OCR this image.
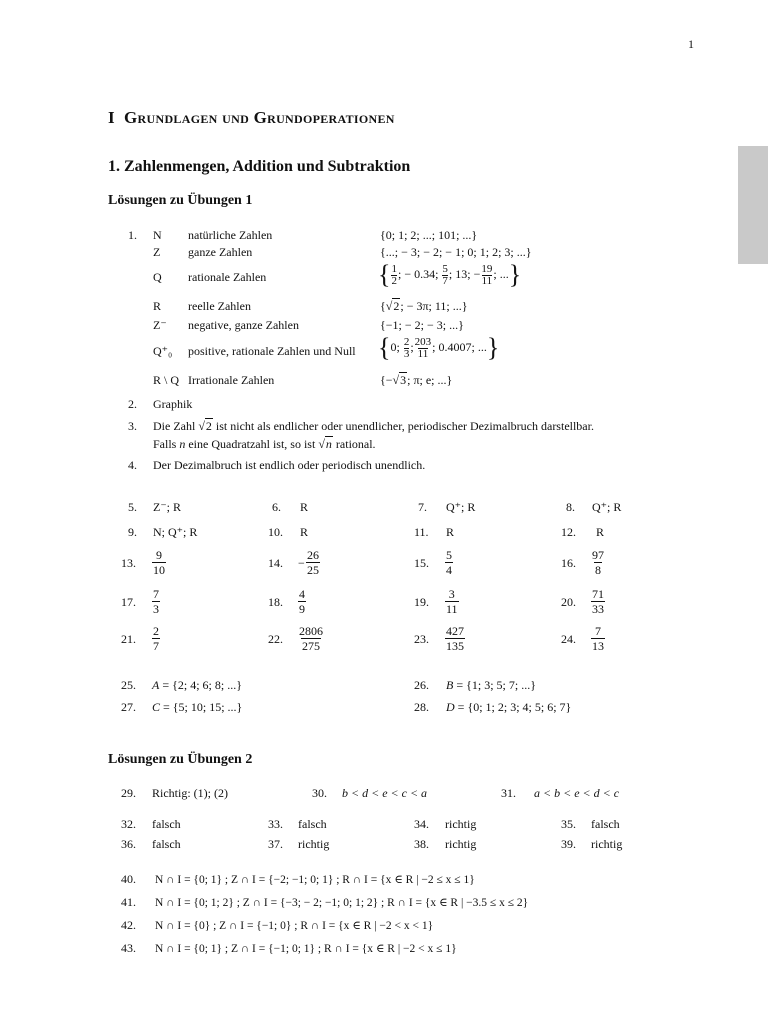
1
I Grundlagen und Grundoperationen
1. Zahlenmengen, Addition und Subtraktion
Lösungen zu Übungen 1
1. N natürliche Zahlen	{0; 1; 2; ...; 101; ...}
Z ganze Zahlen	{...; − 3; − 2; − 1; 0; 1; 2; 3; ...}
Q rationale Zahlen	{ $\frac{1}{2}$ ; − 0.34; $\frac{5}{7}$ ; 13; − $\frac{19}{11}$ ; ...}
R reelle Zahlen	{√2; − 3π; 11; ...}
Z⁻ negative, ganze Zahlen	{−1; − 2; − 3; ...}
Q⁺₀ positive, rationale Zahlen und Null {0; $\frac{2}{3}$ ; $\frac{203}{11}$ ; 0.4007; ...}
R \ Q Irrationale Zahlen	{−√3; π; e; ...}
2. Graphik
3. Die Zahl √2 ist nicht als endlicher oder unendlicher, periodischer Dezimalbruch darstellbar.
Falls n eine Quadratzahl ist, so ist √n rational.
4. Der Dezimalbruch ist endlich oder periodisch unendlich.
5. Z⁻; R	6. R	7. Q⁺; R	8. Q⁺; R
9. N; Q⁺; R	10. R	11. R	12. R
13. $\frac{9}{10}$	14. − $\frac{26}{25}$	15. $\frac{5}{4}$	16. $\frac{97}{8}$
17. $\frac{7}{3}$	18. $\frac{4}{9}$	19. $\frac{3}{11}$	20. $\frac{71}{33}$
21. $\frac{2}{7}$	22. $\frac{2806}{275}$	23. $\frac{427}{135}$	24. $\frac{7}{13}$
25. A = {2; 4; 6; 8; ...}	26. B = {1; 3; 5; 7; ...}
27. C = {5; 10; 15; ...}	28. D = {0; 1; 2; 3; 4; 5; 6; 7}
Lösungen zu Übungen 2
29. Richtig: (1); (2)	30. b < d < e < c < a	31. a < b < e < d < c
32. falsch	33. falsch	34. richtig	35. falsch
36. falsch	37. richtig	38. richtig	39. richtig
40. N ∩ I = {0; 1} ; Z ∩ I = {−2; −1; 0; 1} ; R ∩ I = {x ∈ R | −2 ≤ x ≤ 1}
41. N ∩ I = {0; 1; 2} ; Z ∩ I = {−3; − 2; −1; 0; 1; 2} ; R ∩ I = {x ∈ R | −3.5 ≤ x ≤ 2}
42. N ∩ I = {0} ; Z ∩ I = {−1; 0} ; R ∩ I = {x ∈ R | −2 < x < 1}
43. N ∩ I = {0; 1} ; Z ∩ I = {−1; 0; 1} ; R ∩ I = {x ∈ R | −2 < x ≤ 1}
